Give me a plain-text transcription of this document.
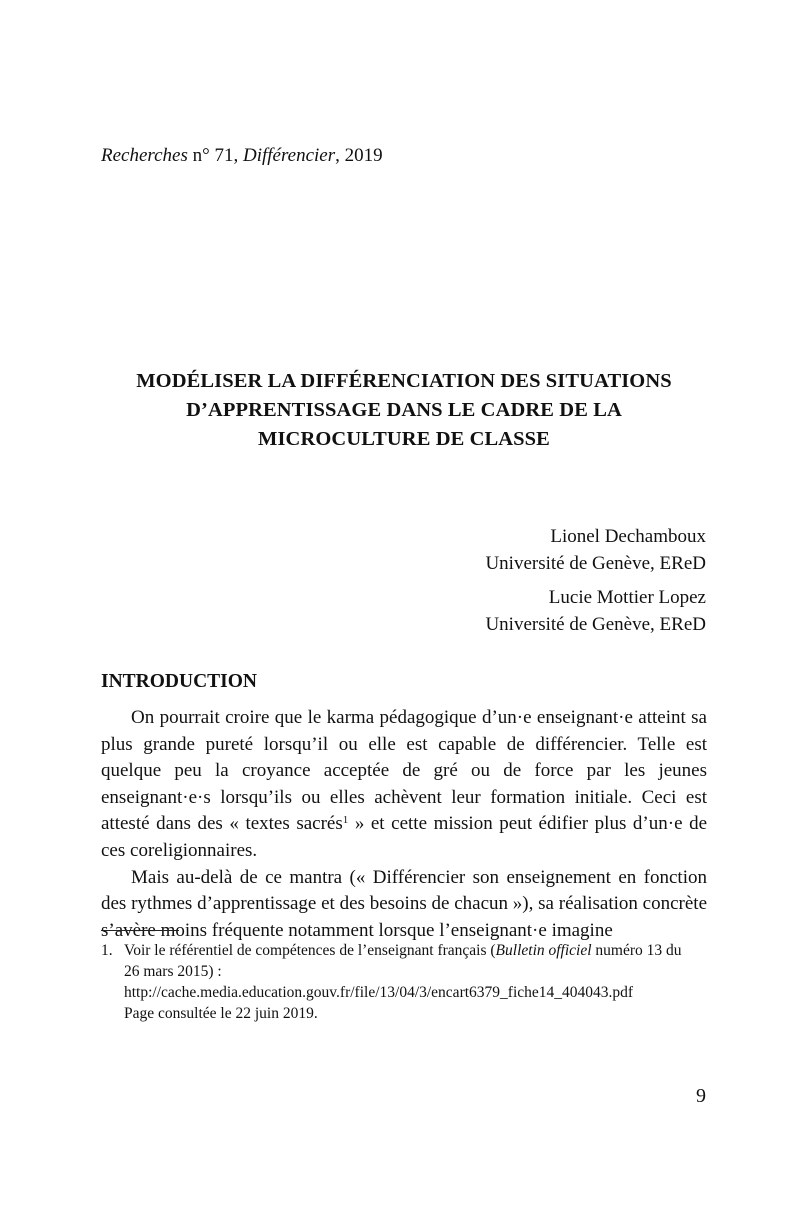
Recherches n° 71, Différencier, 2019
MODÉLISER LA DIFFÉRENCIATION DES SITUATIONS
D’APPRENTISSAGE DANS LE CADRE DE LA
MICROCULTURE DE CLASSE
Lionel Dechamboux
Université de Genève, EReD
Lucie Mottier Lopez
Université de Genève, EReD
INTRODUCTION

On pourrait croire que le karma pédagogique d’un·e enseignant·e atteint sa plus grande pureté lorsqu’il ou elle est capable de différencier. Telle est quelque peu la croyance acceptée de gré ou de force par les jeunes enseignant·e·s lorsqu’ils ou elles achèvent leur formation initiale. Ceci est attesté dans des « textes sacrés$^1$ » et cette mission peut édifier plus d’un·e de ces coreligionnaires.

Mais au-delà de ce mantra (« Différencier son enseignement en fonction des rythmes d’apprentissage et des besoins de chacun »), sa réalisation concrète s’avère moins fréquente notamment lorsque l’enseignant·e imagine

1. Voir le référentiel de compétences de l’enseignant français (Bulletin officiel numéro 13 du
26 mars 2015) :
http://cache.media.education.gouv.fr/file/13/04/3/encart6379_fiche14_404043.pdf
Page consultée le 22 juin 2019.
9
